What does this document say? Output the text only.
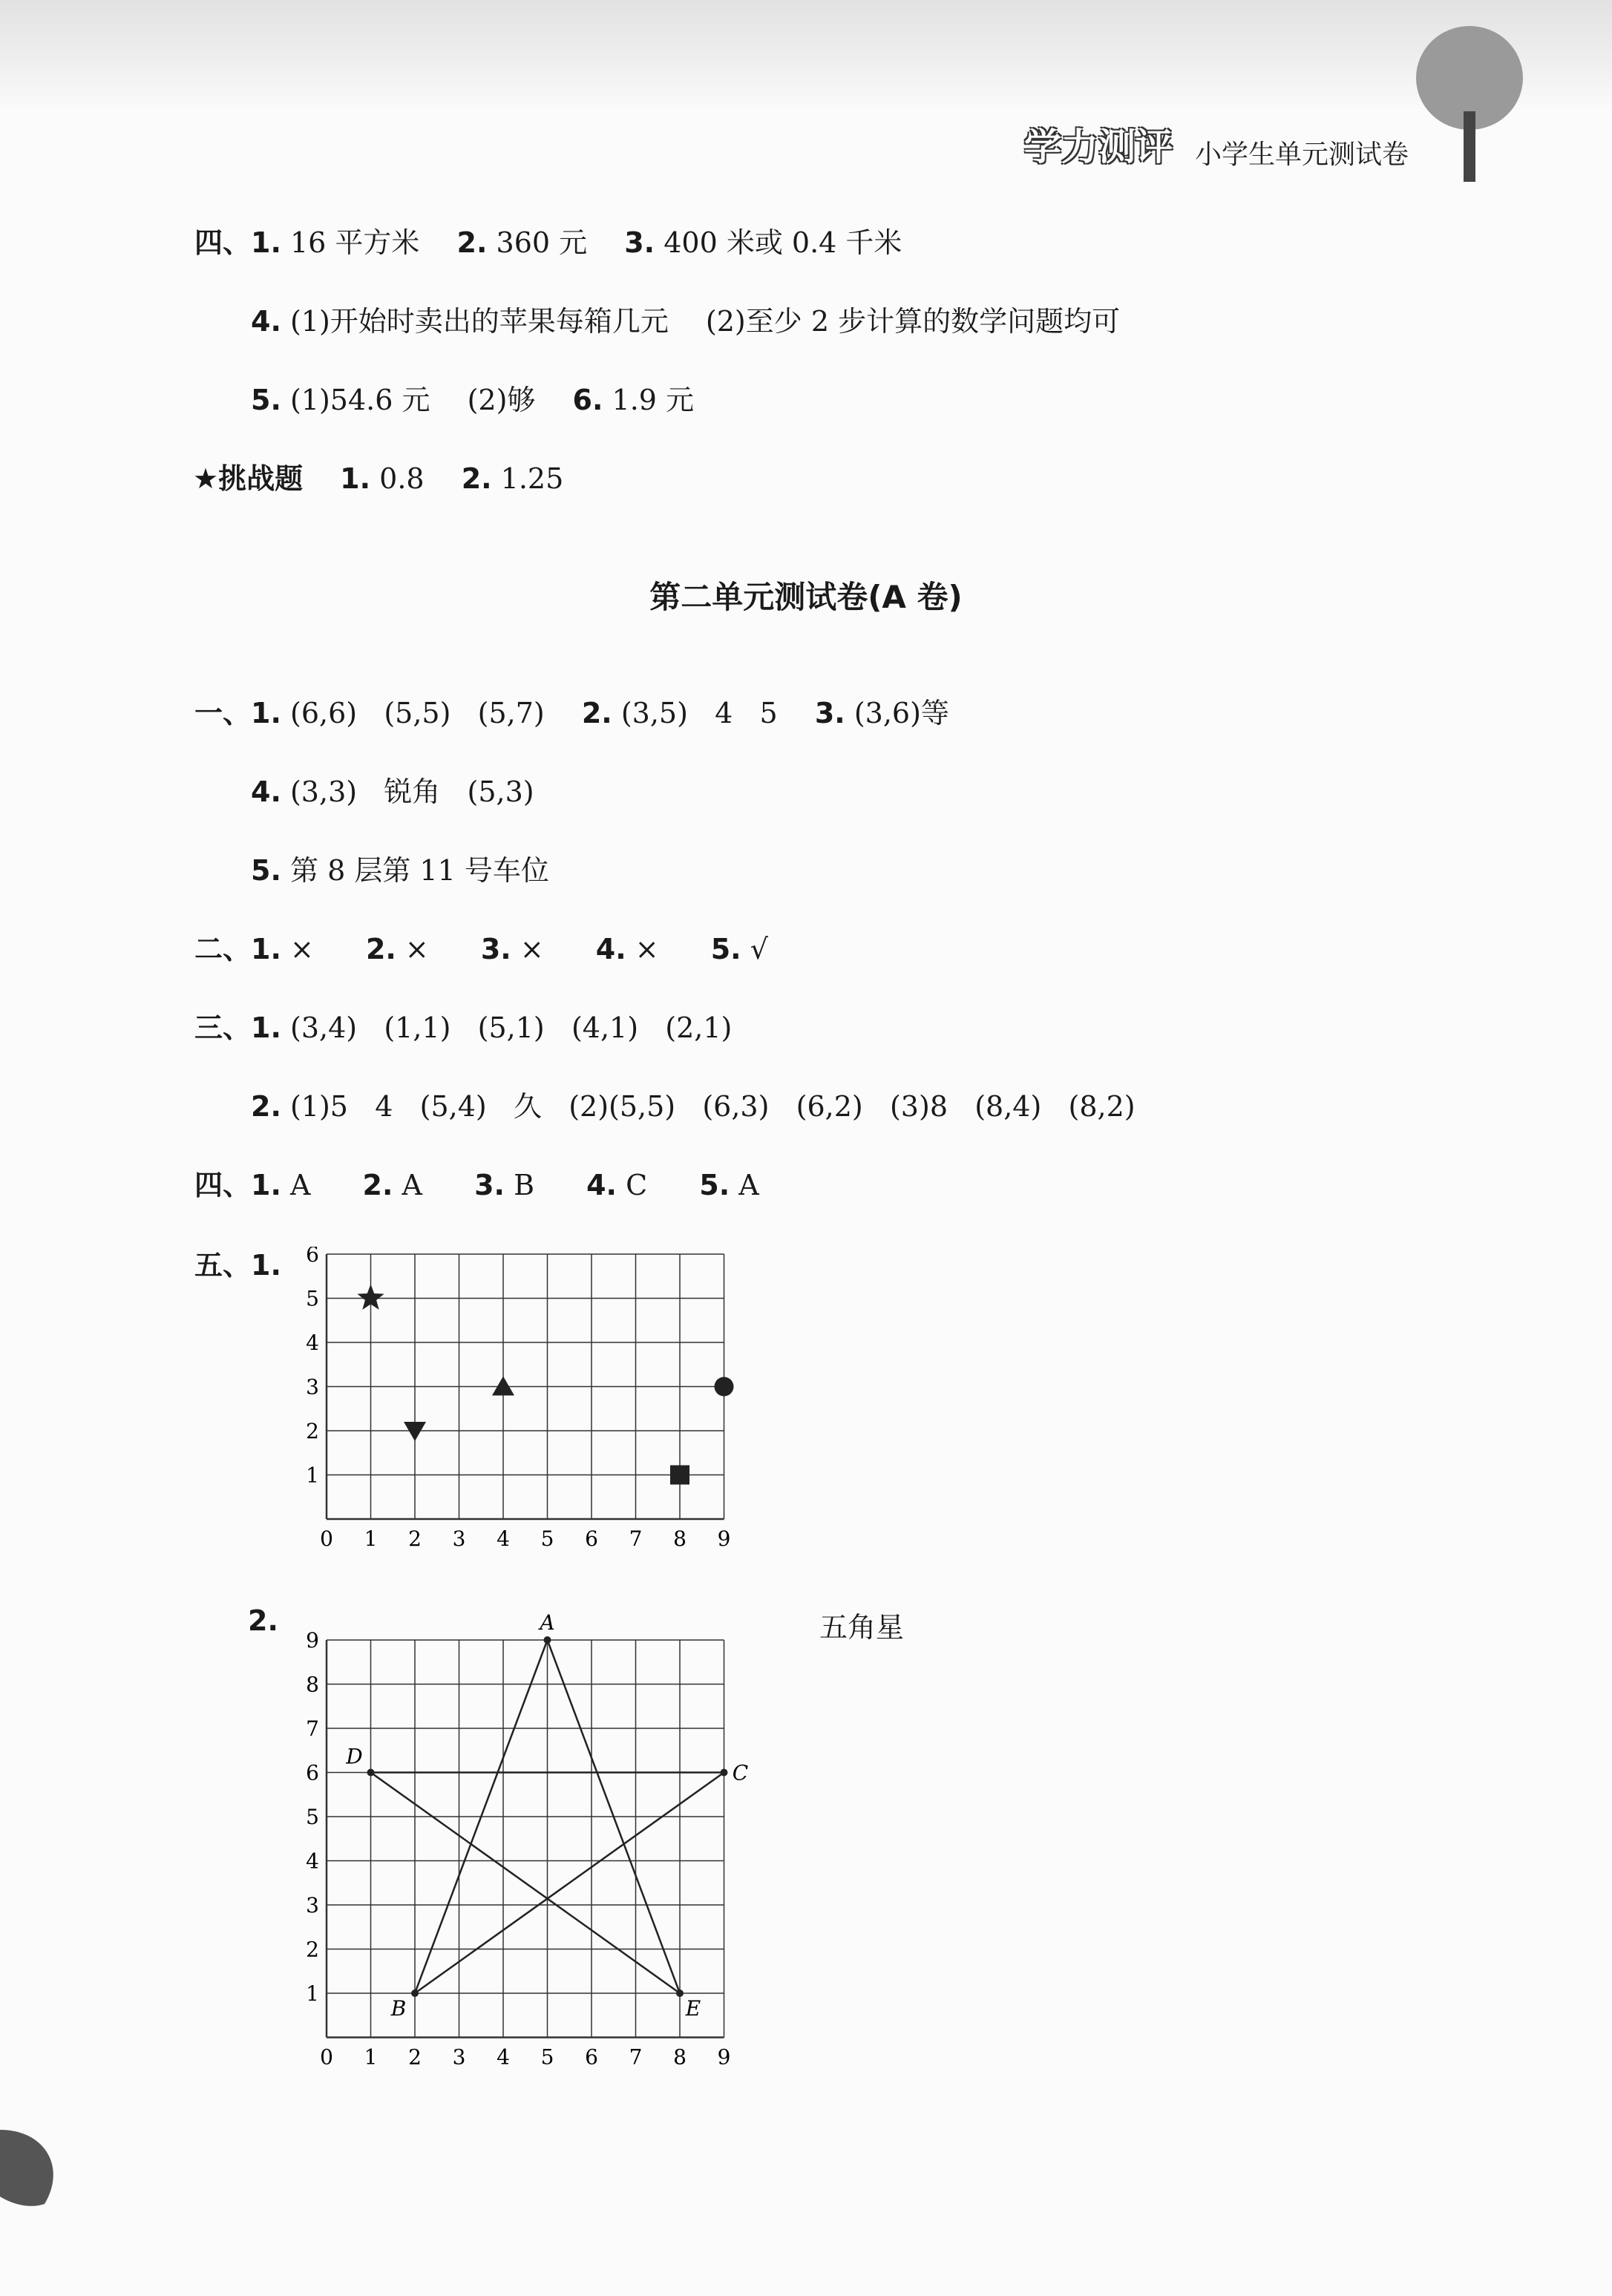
学力测评 小学生单元测试卷
四、1. 16 平方米 2. 360 元 3. 400 米或 0.4 千米
4. (1)开始时卖出的苹果每箱几元 (2)至少 2 步计算的数学问题均可
5. (1)54.6 元 (2)够 6. 1.9 元
★挑战题 1. 0.8 2. 1.25
第二单元测试卷(A 卷)
一、1. (6,6)   (5,5)   (5,7) 2. (3,5)   4   5 3. (3,6)等
4. (3,3)   锐角   (5,3)
5. 第 8 层第 11 号车位
二、1. × 2. × 3. × 4. × 5. √
三、1. (3,4)   (1,1)   (5,1)   (4,1)   (2,1)
2. (1)5   4   (5,4)   久   (2)(5,5)   (6,3)   (6,2)   (3)8   (8,4)   (8,2)
四、1. A 2. A 3. B 4. C 5. A
五、1.
2.	五角星
0 1 2 3 4 5 6 7 8 9
1
2
3
4
5
6
0 1 2 3 4 5 6 7 8 9
1
2
3
4
5
6
7
8
9
A
B
C
D
E
